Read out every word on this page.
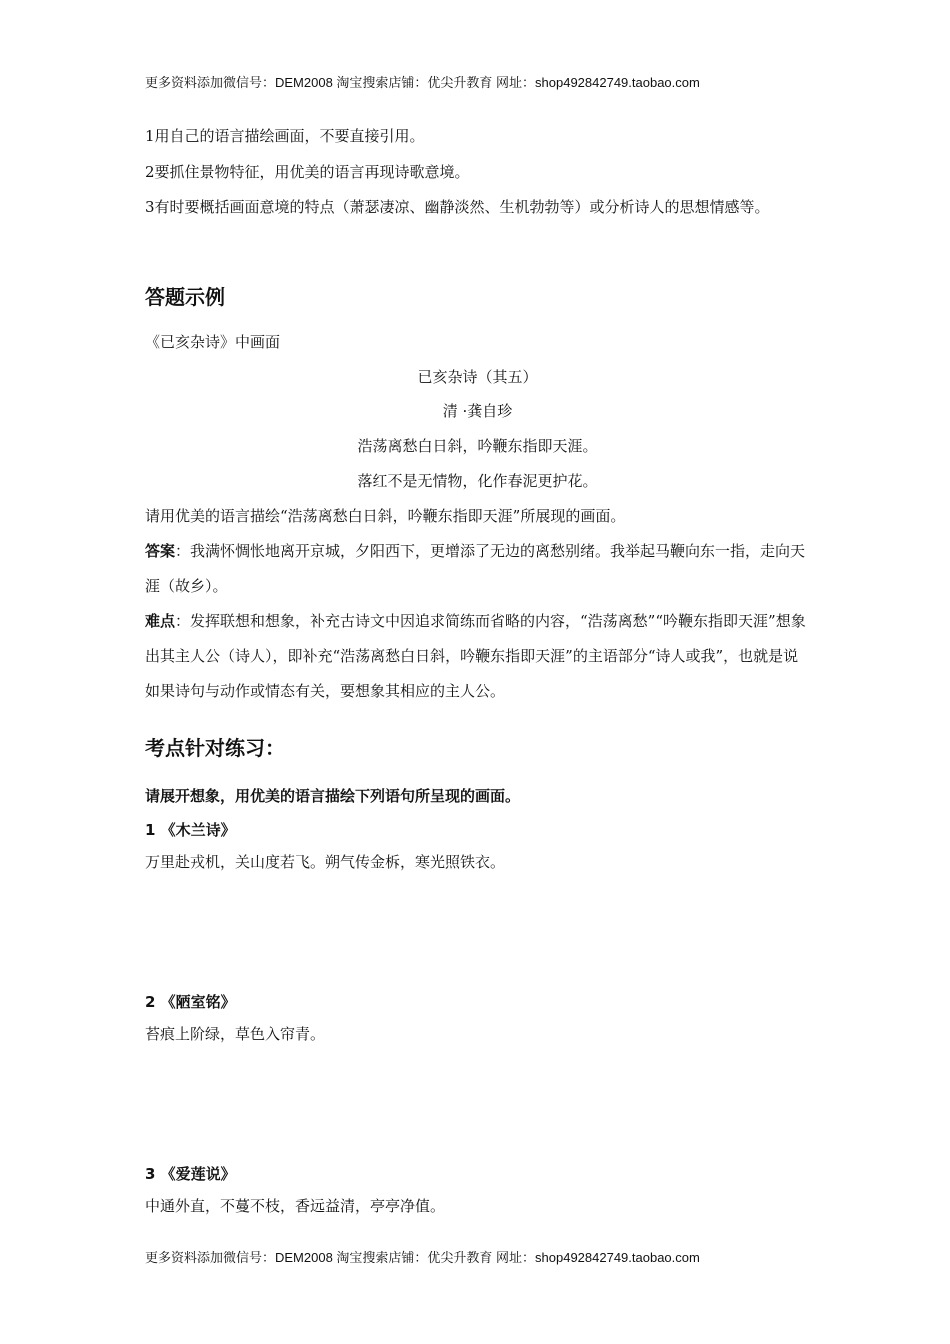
更多资料添加微信号：DEM2008 淘宝搜索店铺：优尖升教育 网址：shop492842749.taobao.com

1用自己的语言描绘画面，不要直接引用。

2要抓住景物特征，用优美的语言再现诗歌意境。

3有时要概括画面意境的特点（萧瑟凄凉、幽静淡然、生机勃勃等）或分析诗人的思想情感等。

答题示例

《已亥杂诗》中画面

已亥杂诗（其五）

清 ·龚自珍

浩荡离愁白日斜，吟鞭东指即天涯。

落红不是无情物，化作春泥更护花。

请用优美的语言描绘“浩荡离愁白日斜，吟鞭东指即天涯”所展现的画面。

答案：我满怀惆怅地离开京城，夕阳西下，更增添了无边的离愁别绪。我举起马鞭向东一指，走向天涯（故乡）。

难点：发挥联想和想象，补充古诗文中因追求简练而省略的内容，“浩荡离愁”“吟鞭东指即天涯”想象出其主人公（诗人），即补充“浩荡离愁白日斜，吟鞭东指即天涯”的主语部分“诗人或我”，也就是说如果诗句与动作或情态有关，要想象其相应的主人公。

考点针对练习：

请展开想象，用优美的语言描绘下列语句所呈现的画面。

1 《木兰诗》

万里赴戎机，关山度若飞。朔气传金柝，寒光照铁衣。

2 《陋室铭》

苔痕上阶绿，草色入帘青。

3 《爱莲说》

中通外直，不蔓不枝，香远益清，亭亭净值。

更多资料添加微信号：DEM2008 淘宝搜索店铺：优尖升教育 网址：shop492842749.taobao.com
